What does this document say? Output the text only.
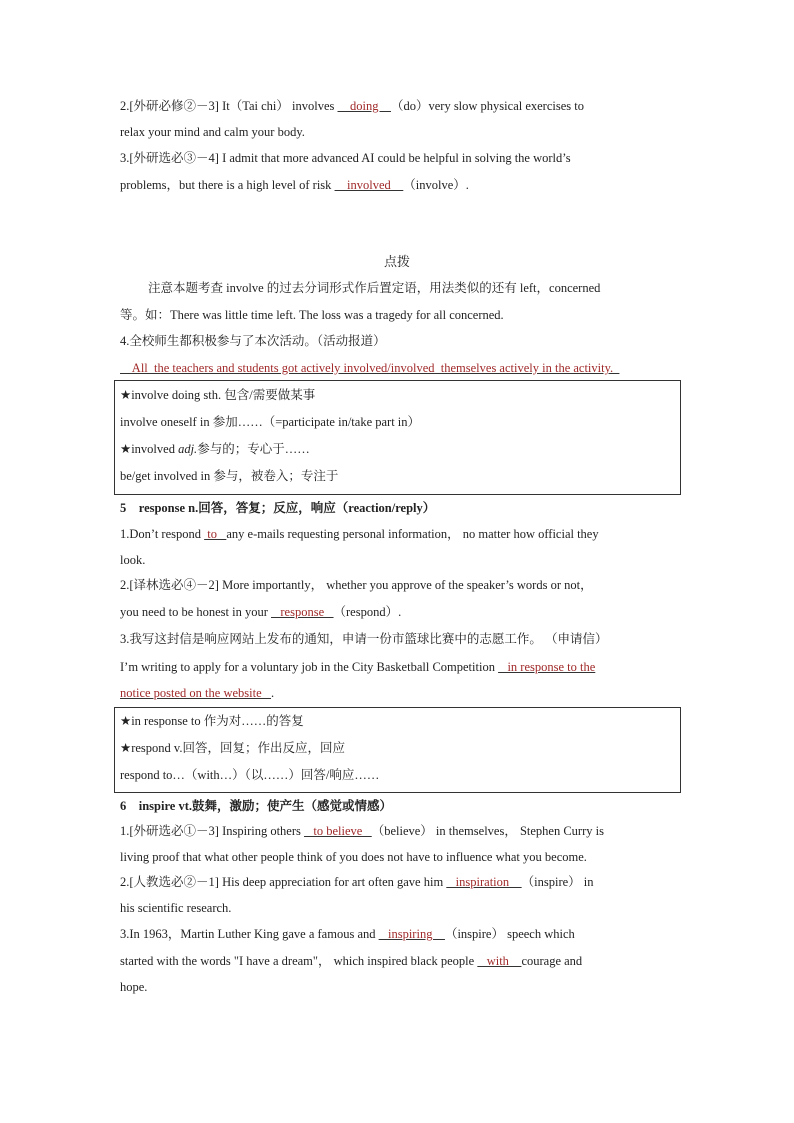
2.[外研必修②－3] It（Tai chi） involves     doing    （do）very slow physical exercises to
relax your mind and calm your body.
3.[外研选必③－4] I admit that more advanced AI could be helpful in solving the world’s
problems，but there is a high level of risk     involved    （involve）.
点拨
注意本题考查 involve 的过去分词形式作后置定语，用法类似的还有 left，concerned
等。如：There was little time left. The loss was a tragedy for all concerned.
4.全校师生都积极参与了本次活动。（活动报道）
All  the teachers and students got actively involved/involved  themselves actively in the activity.
★involve doing sth. 包含/需要做某事
involve oneself in 参加……（=participate in/take part in）
★involved adj.参与的；专心于……
be/get involved in 参与，被卷入；专注于
5　response n.回答，答复；反应，响应（reaction/reply）
1.Don’t respond  to   any e-mails requesting personal information， no matter how official they
look.
2.[译林选必④－2] More importantly， whether you approve of the speaker’s words or not，
you need to be honest in your    response   （respond）.
3.我写这封信是响应网站上发布的通知，申请一份市篮球比赛中的志愿工作。 （申请信）
I’m writing to apply for a voluntary job in the City Basketball Competition    in response to the
notice posted on the website   .
★in response to 作为对……的答复
★respond v.回答，回复；作出反应，回应
respond to…（with…）（以……）回答/响应……
6　inspire vt.鼓舞，激励；使产生（感觉或情感）
1.[外研选必①－3] Inspiring others    to believe   （believe） in themselves， Stephen Curry is
living proof that what other people think of you does not have to influence what you become.
2.[人教选必②－1] His deep appreciation for art often gave him    inspiration    （inspire） in
his scientific research.
3.In 1963，Martin Luther King gave a famous and    inspiring    （inspire） speech which
started with the words "I have a dream"， which inspired black people    with    courage and
hope.
